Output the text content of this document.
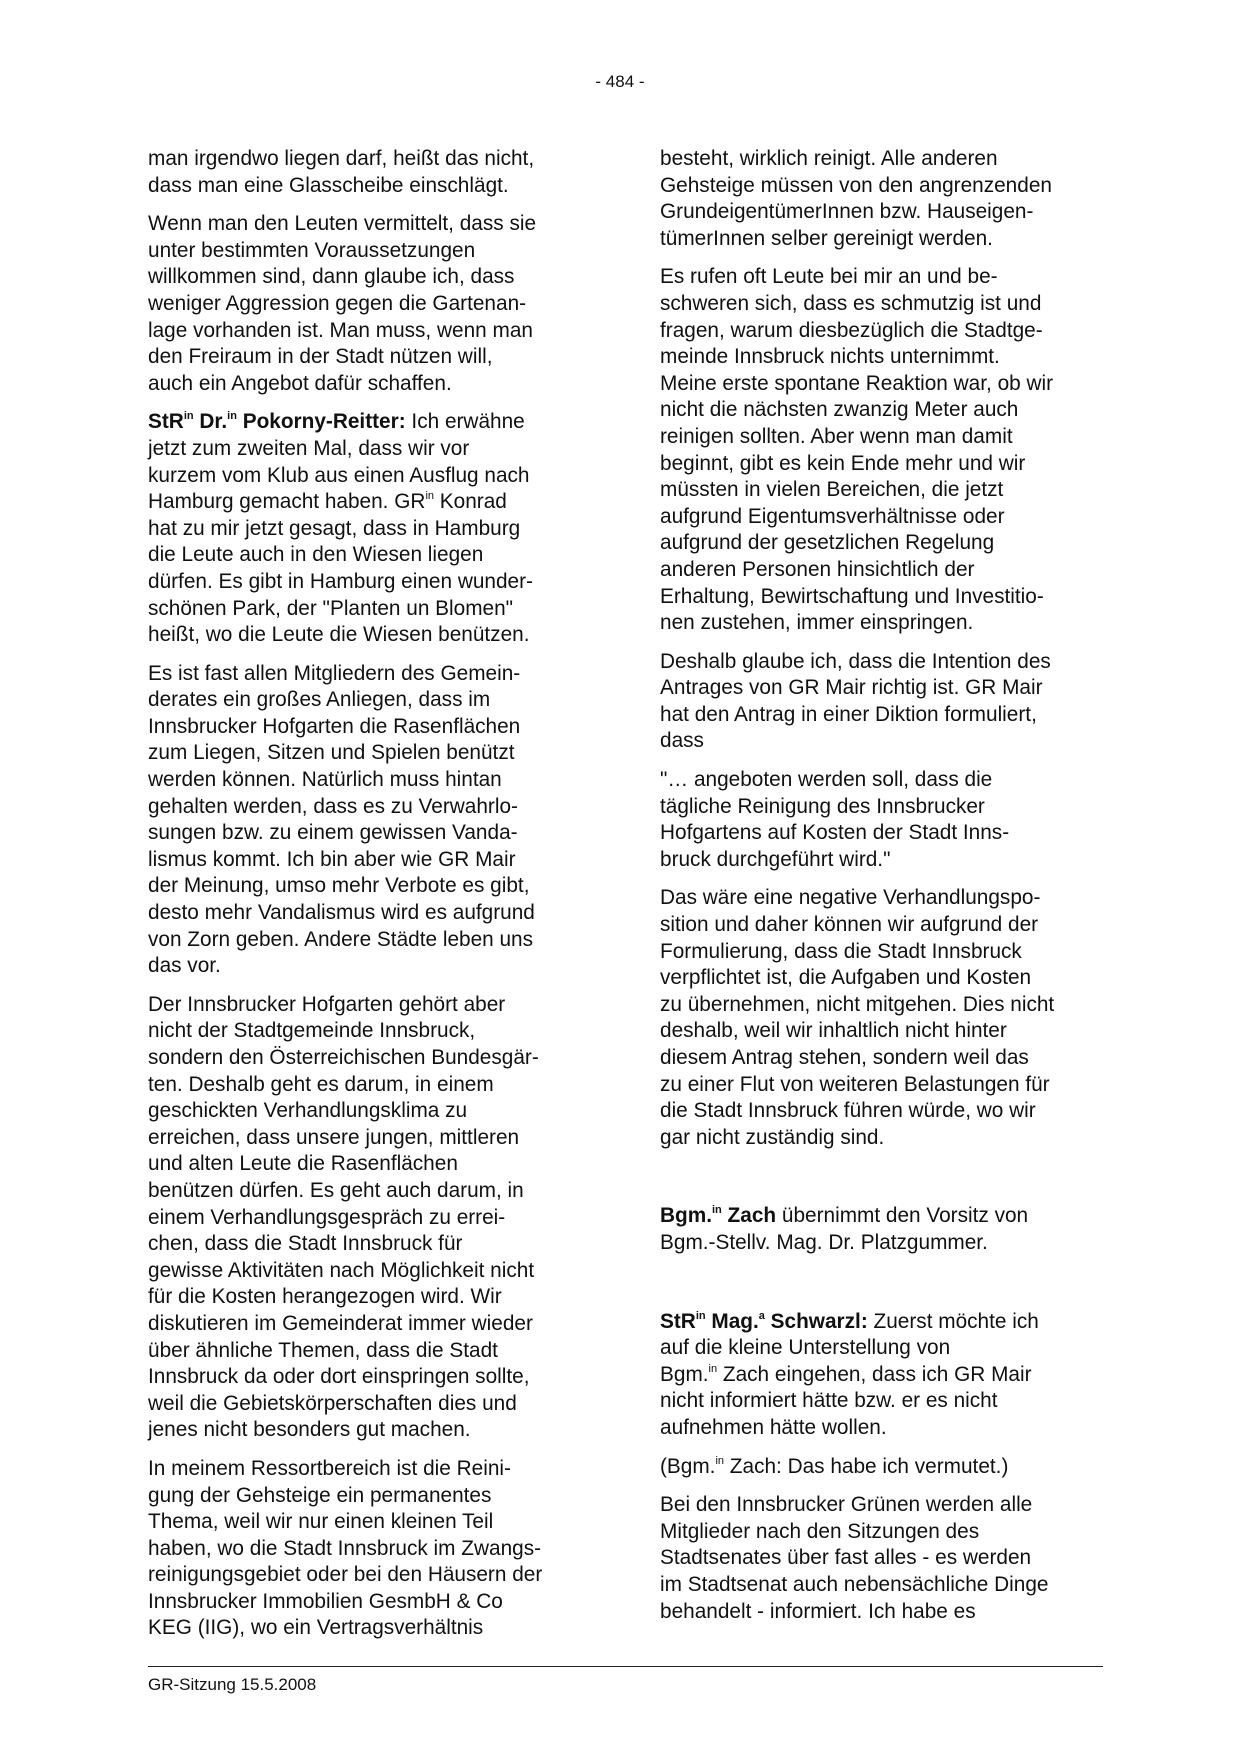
- 484 -

man irgendwo liegen darf, heißt das nicht,
dass man eine Glasscheibe einschlägt.

Wenn man den Leuten vermittelt, dass sie
unter bestimmten Voraussetzungen
willkommen sind, dann glaube ich, dass
weniger Aggression gegen die Gartenan-
lage vorhanden ist. Man muss, wenn man
den Freiraum in der Stadt nützen will,
auch ein Angebot dafür schaffen.

StR$^{in}$ Dr.$^{in}$ Pokorny-Reitter: Ich erwähne
jetzt zum zweiten Mal, dass wir vor
kurzem vom Klub aus einen Ausflug nach
Hamburg gemacht haben. $GR^{in}$ Konrad
hat zu mir jetzt gesagt, dass in Hamburg
die Leute auch in den Wiesen liegen
dürfen. Es gibt in Hamburg einen wunder-
schönen Park, der "Planten un Blomen"
heißt, wo die Leute die Wiesen benützen.

Es ist fast allen Mitgliedern des Gemein-
derates ein großes Anliegen, dass im
Innsbrucker Hofgarten die Rasenflächen
zum Liegen, Sitzen und Spielen benützt
werden können. Natürlich muss hintan
gehalten werden, dass es zu Verwahrlo-
sungen bzw. zu einem gewissen Vanda-
lismus kommt. Ich bin aber wie GR Mair
der Meinung, umso mehr Verbote es gibt,
desto mehr Vandalismus wird es aufgrund
von Zorn geben. Andere Städte leben uns
das vor.

Der Innsbrucker Hofgarten gehört aber
nicht der Stadtgemeinde Innsbruck,
sondern den Österreichischen Bundesgär-
ten. Deshalb geht es darum, in einem
geschickten Verhandlungsklima zu
erreichen, dass unsere jungen, mittleren
und alten Leute die Rasenflächen
benützen dürfen. Es geht auch darum, in
einem Verhandlungsgespräch zu errei-
chen, dass die Stadt Innsbruck für
gewisse Aktivitäten nach Möglichkeit nicht
für die Kosten herangezogen wird. Wir
diskutieren im Gemeinderat immer wieder
über ähnliche Themen, dass die Stadt
Innsbruck da oder dort einspringen sollte,
weil die Gebietskörperschaften dies und
jenes nicht besonders gut machen.

In meinem Ressortbereich ist die Reini-
gung der Gehsteige ein permanentes
Thema, weil wir nur einen kleinen Teil
haben, wo die Stadt Innsbruck im Zwangs-
reinigungsgebiet oder bei den Häusern der
Innsbrucker Immobilien GesmbH & Co
KEG (IIG), wo ein Vertragsverhältnis

besteht, wirklich reinigt. Alle anderen
Gehsteige müssen von den angrenzenden
GrundeigentümerInnen bzw. Hauseigen-
tümerInnen selber gereinigt werden.

Es rufen oft Leute bei mir an und be-
schweren sich, dass es schmutzig ist und
fragen, warum diesbezüglich die Stadtge-
meinde Innsbruck nichts unternimmt.
Meine erste spontane Reaktion war, ob wir
nicht die nächsten zwanzig Meter auch
reinigen sollten. Aber wenn man damit
beginnt, gibt es kein Ende mehr und wir
müssten in vielen Bereichen, die jetzt
aufgrund Eigentumsverhältnisse oder
aufgrund der gesetzlichen Regelung
anderen Personen hinsichtlich der
Erhaltung, Bewirtschaftung und Investitio-
nen zustehen, immer einspringen.

Deshalb glaube ich, dass die Intention des
Antrages von GR Mair richtig ist. GR Mair
hat den Antrag in einer Diktion formuliert,
dass

"… angeboten werden soll, dass die
tägliche Reinigung des Innsbrucker
Hofgartens auf Kosten der Stadt Inns-
bruck durchgeführt wird."

Das wäre eine negative Verhandlungspo-
sition und daher können wir aufgrund der
Formulierung, dass die Stadt Innsbruck
verpflichtet ist, die Aufgaben und Kosten
zu übernehmen, nicht mitgehen. Dies nicht
deshalb, weil wir inhaltlich nicht hinter
diesem Antrag stehen, sondern weil das
zu einer Flut von weiteren Belastungen für
die Stadt Innsbruck führen würde, wo wir
gar nicht zuständig sind.

Bgm.$^{in}$ Zach übernimmt den Vorsitz von
Bgm.-Stellv. Mag. Dr. Platzgummer.

StR$^{in}$ Mag.$^a$ Schwarzl: Zuerst möchte ich
auf die kleine Unterstellung von
Bgm.$^{in}$ Zach eingehen, dass ich GR Mair
nicht informiert hätte bzw. er es nicht
aufnehmen hätte wollen.

(Bgm.$^{in}$ Zach: Das habe ich vermutet.)

Bei den Innsbrucker Grünen werden alle
Mitglieder nach den Sitzungen des
Stadtsenates über fast alles - es werden
im Stadtsenat auch nebensächliche Dinge
behandelt - informiert. Ich habe es

GR-Sitzung 15.5.2008
